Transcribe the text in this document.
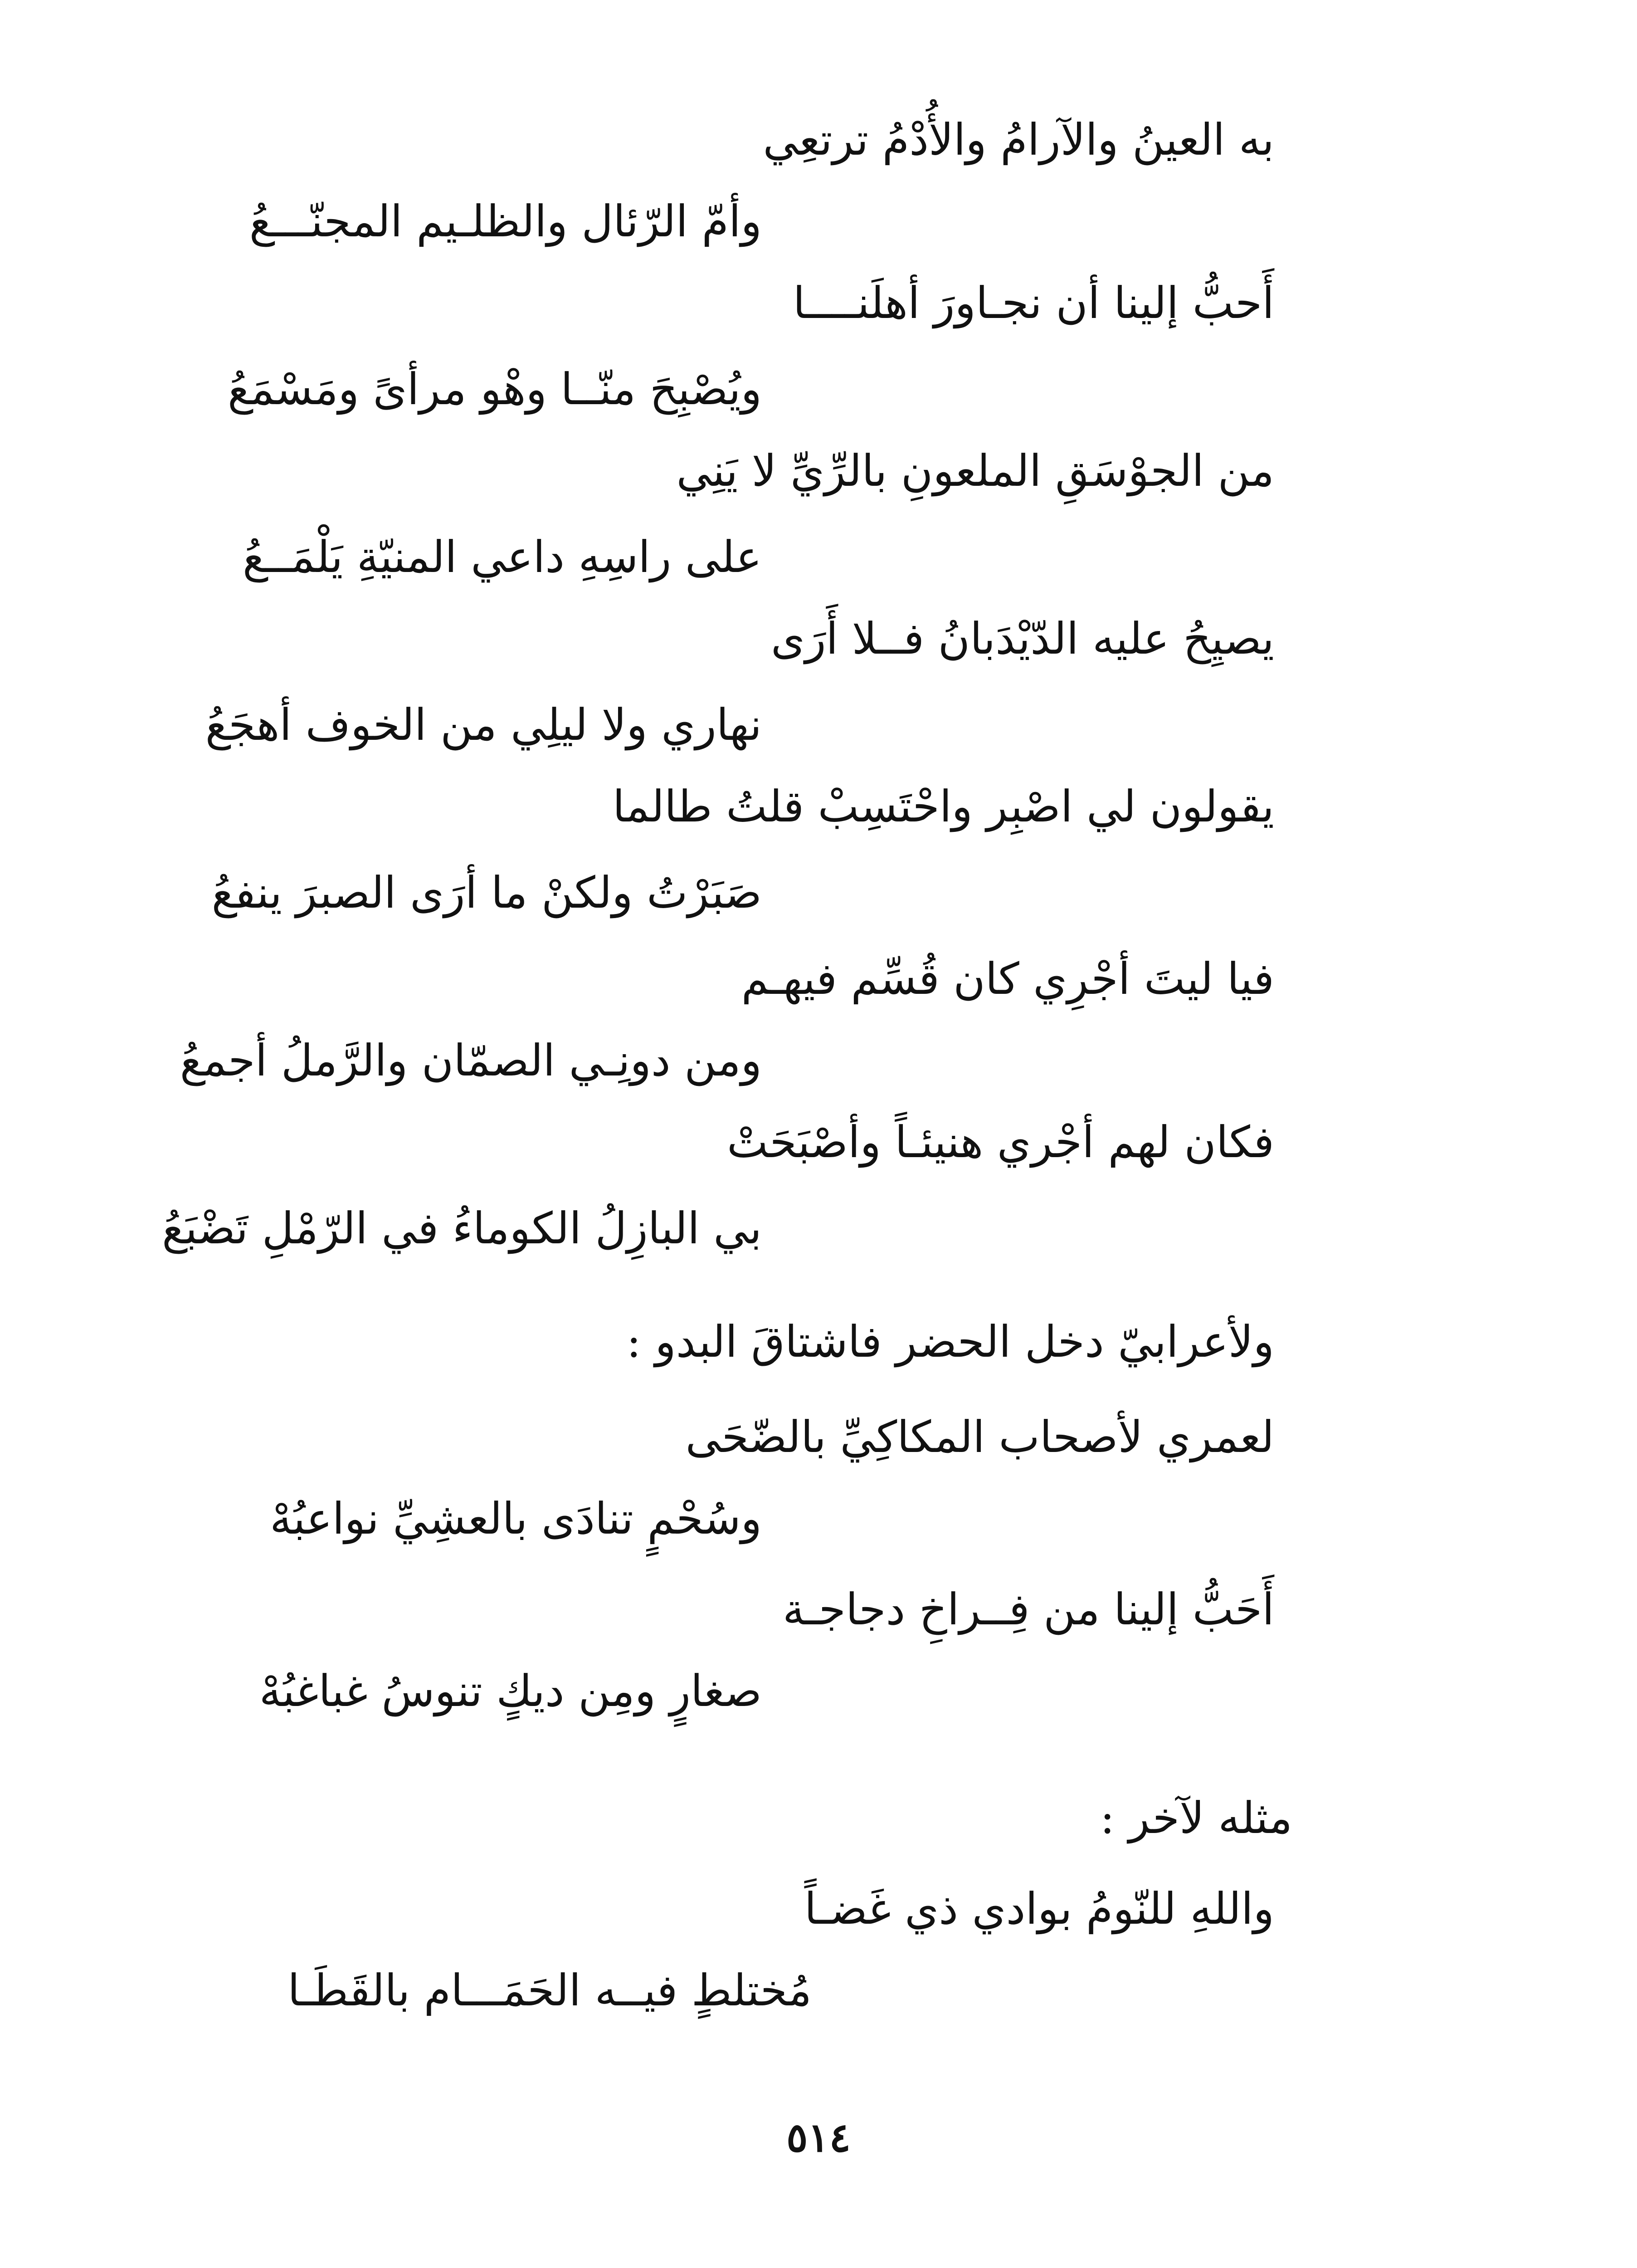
به العينُ والآرامُ والأُدْمُ ترتعِي
وأمّ الرّئال والظلـيم المجنّـــعُ
أَحبُّ إلينا أن نجـاورَ أهلَنــــا
ويُصْبِحَ منّــا وهْو مرأىً ومَسْمَعُ
من الجوْسَقِ الملعونِ بالرِّيِّ لا يَنِي
على راسِهِ داعي المنيّةِ يَلْمَــعُ
يصيِحُ عليه الدّيْدَبانُ فــلا أَرَى
نهاري ولا ليلِي من الخوف أهجَعُ
يقولون لي اصْبِر واحْتَسِبْ قلتُ طالما
صَبَرْتُ ولكنْ ما أرَى الصبرَ ينفعُ
فيا ليتَ أجْرِي كان قُسِّم فيهـم
ومن دونِـي الصمّان والرَّملُ أجمعُ
فكان لهم أجْري هنيئـاً وأصْبَحَتْ
بي البازِلُ الكوماءُ في الرّمْلِ تَضْبَعُ
ولأعرابيّ دخل الحضر فاشتاقَ البدو :
لعمري لأصحاب المكاكِيِّ بالضّحَى
وسُحْمٍ تنادَى بالعشِيِّ نواعبُهْ
أَحَبُّ إلينا من فِــراخِ دجاجـة
صغارٍ ومِن ديكٍ تنوسُ غباغبُهْ
مثله لآخر :
واللهِ للنّومُ بوادي ذي غَضـاً
مُختلطٍ فيــه الحَمَـــام بالقَطَـا
٥١٤
